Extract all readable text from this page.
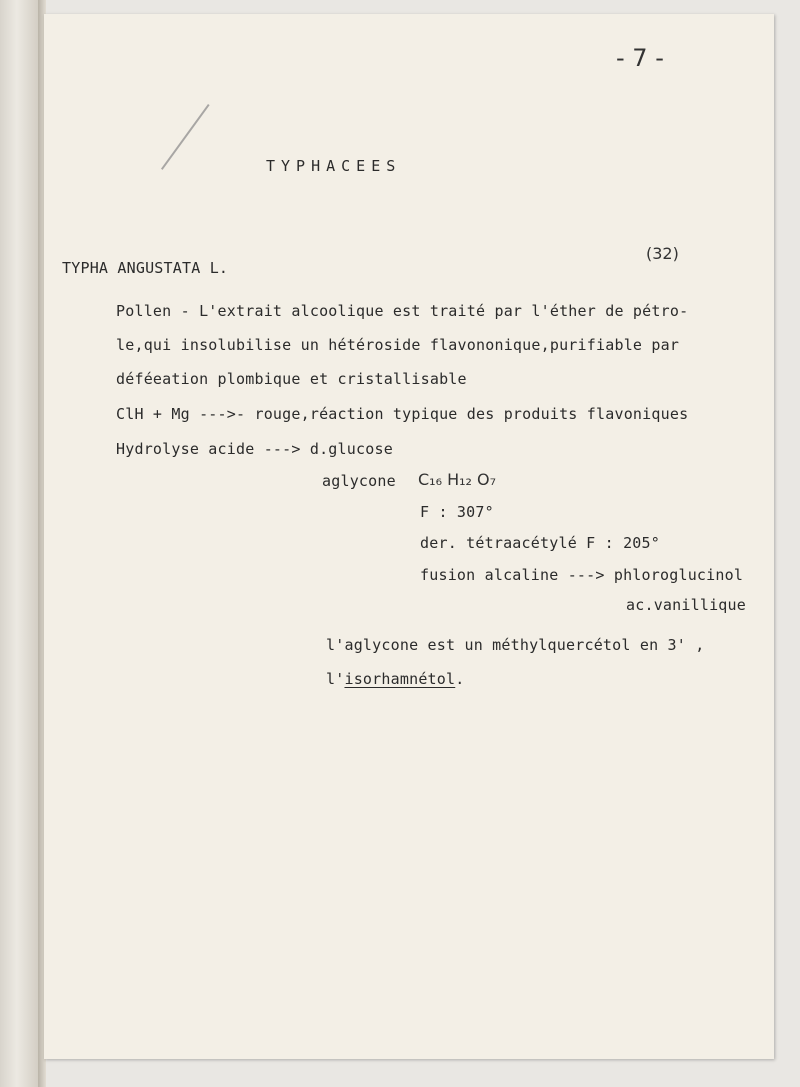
- 7 -
TYPHACEES
(32)
TYPHA ANGUSTATA L.
Pollen - L'extrait alcoolique est traité par l'éther de pétro-
le,qui insolubilise un hétéroside flavononique,purifiable par
déféeation plombique et cristallisable
ClH + Mg --->- rouge,réaction typique des produits flavoniques
Hydrolyse acide ---> d.glucose
aglycone C₁₆ H₁₂ O₇
F : 307°
der. tétraacétylé F : 205°
fusion alcaline ---> phloroglucinol
ac.vanillique
l'aglycone est un méthylquercétol en 3' ,
l'isorhamnétol.
